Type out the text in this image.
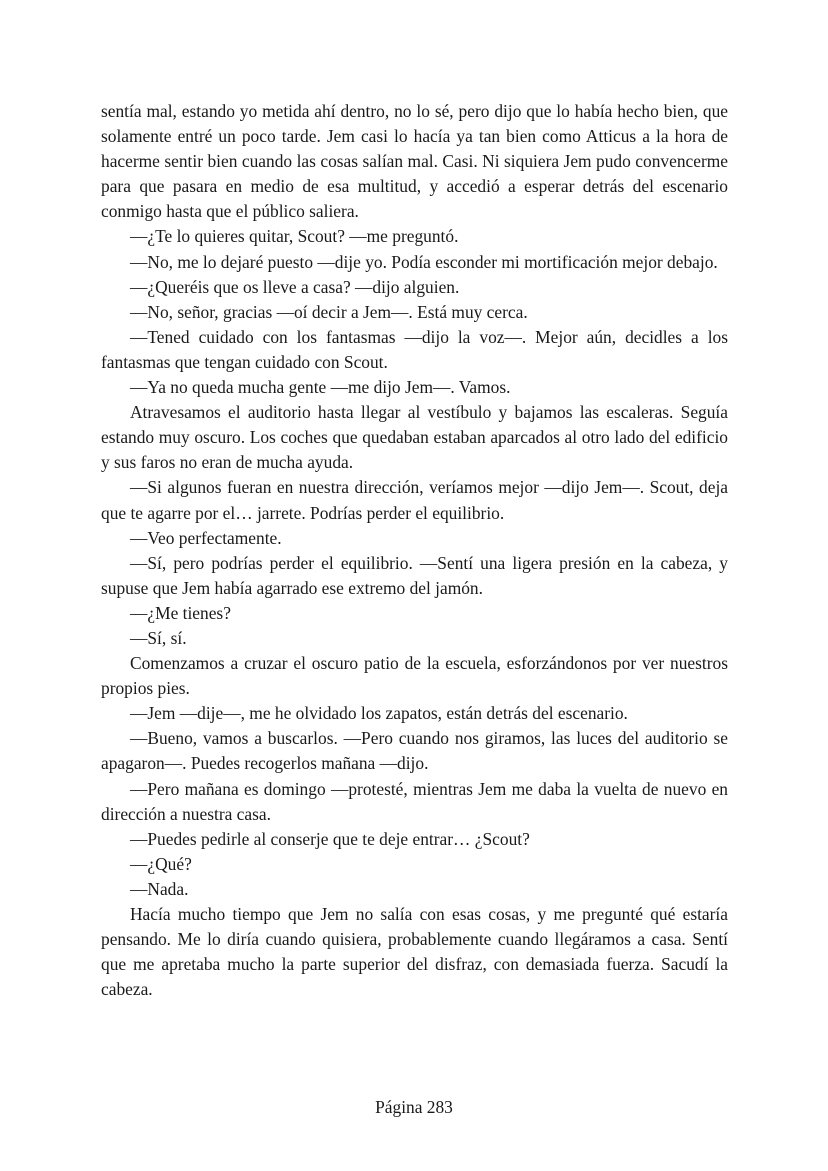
sentía mal, estando yo metida ahí dentro, no lo sé, pero dijo que lo había hecho bien, que solamente entré un poco tarde. Jem casi lo hacía ya tan bien como Atticus a la hora de hacerme sentir bien cuando las cosas salían mal. Casi. Ni siquiera Jem pudo convencerme para que pasara en medio de esa multitud, y accedió a esperar detrás del escenario conmigo hasta que el público saliera.

—¿Te lo quieres quitar, Scout? —me preguntó.

—No, me lo dejaré puesto —dije yo. Podía esconder mi mortificación mejor debajo.

—¿Queréis que os lleve a casa? —dijo alguien.

—No, señor, gracias —oí decir a Jem—. Está muy cerca.

—Tened cuidado con los fantasmas —dijo la voz—. Mejor aún, decidles a los fantasmas que tengan cuidado con Scout.

—Ya no queda mucha gente —me dijo Jem—. Vamos.

Atravesamos el auditorio hasta llegar al vestíbulo y bajamos las escaleras. Seguía estando muy oscuro. Los coches que quedaban estaban aparcados al otro lado del edificio y sus faros no eran de mucha ayuda.

—Si algunos fueran en nuestra dirección, veríamos mejor —dijo Jem—. Scout, deja que te agarre por el… jarrete. Podrías perder el equilibrio.

—Veo perfectamente.

—Sí, pero podrías perder el equilibrio. —Sentí una ligera presión en la cabeza, y supuse que Jem había agarrado ese extremo del jamón.

—¿Me tienes?

—Sí, sí.

Comenzamos a cruzar el oscuro patio de la escuela, esforzándonos por ver nuestros propios pies.

—Jem —dije—, me he olvidado los zapatos, están detrás del escenario.

—Bueno, vamos a buscarlos. —Pero cuando nos giramos, las luces del auditorio se apagaron—. Puedes recogerlos mañana —dijo.

—Pero mañana es domingo —protesté, mientras Jem me daba la vuelta de nuevo en dirección a nuestra casa.

—Puedes pedirle al conserje que te deje entrar… ¿Scout?

—¿Qué?

—Nada.

Hacía mucho tiempo que Jem no salía con esas cosas, y me pregunté qué estaría pensando. Me lo diría cuando quisiera, probablemente cuando llegáramos a casa. Sentí que me apretaba mucho la parte superior del disfraz, con demasiada fuerza. Sacudí la cabeza.

Página 283
